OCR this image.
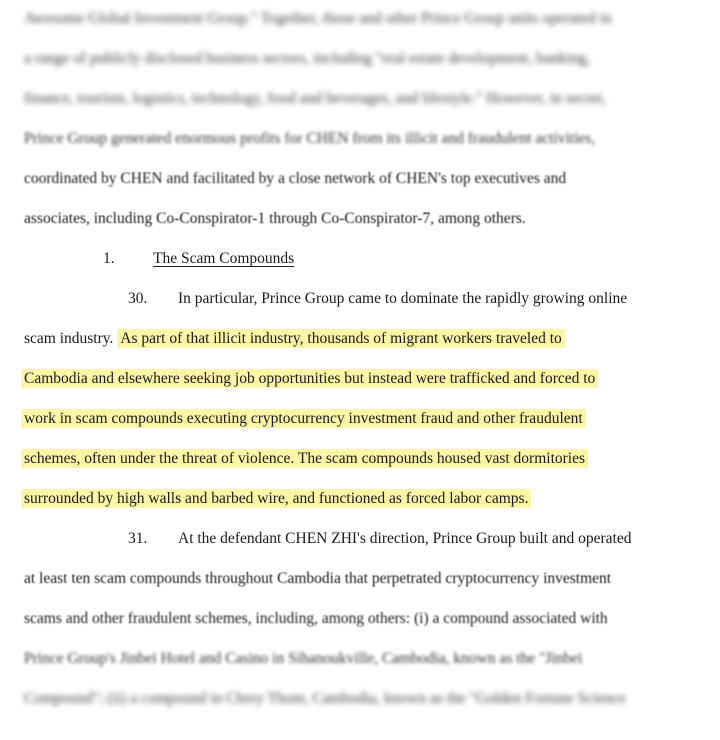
Awesome Global Investment Group." Together, those and other Prince Group units operated in
a range of publicly disclosed business sectors, including "real estate development, banking,
finance, tourism, logistics, technology, food and beverages, and lifestyle." However, in secret,
Prince Group generated enormous profits for CHEN from its illicit and fraudulent activities,
coordinated by CHEN and facilitated by a close network of CHEN's top executives and
associates, including Co-Conspirator-1 through Co-Conspirator-7, among others.
1. The Scam Compounds
30. In particular, Prince Group came to dominate the rapidly growing online
scam industry. As part of that illicit industry, thousands of migrant workers traveled to
Cambodia and elsewhere seeking job opportunities but instead were trafficked and forced to
work in scam compounds executing cryptocurrency investment fraud and other fraudulent
schemes, often under the threat of violence. The scam compounds housed vast dormitories
surrounded by high walls and barbed wire, and functioned as forced labor camps.
31. At the defendant CHEN ZHI's direction, Prince Group built and operated
at least ten scam compounds throughout Cambodia that perpetrated cryptocurrency investment
scams and other fraudulent schemes, including, among others: (i) a compound associated with
Prince Group's Jinbei Hotel and Casino in Sihanoukville, Cambodia, known as the "Jinbei
Compound"; (ii) a compound in Chrey Thom, Cambodia, known as the "Golden Fortune Science
